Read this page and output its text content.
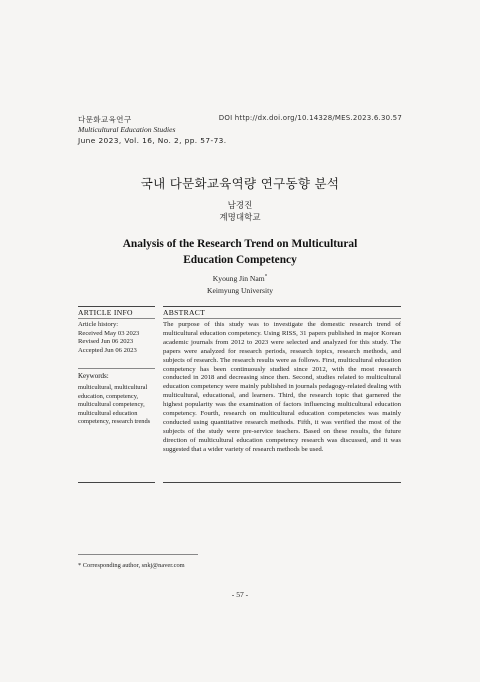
다문화교육연구
Multicultural Education Studies
June 2023, Vol. 16, No. 2, pp. 57-73.
DOI http://dx.doi.org/10.14328/MES.2023.6.30.57
국내 다문화교육역량 연구동향 분석
남경진
계명대학교
Analysis of the Research Trend on Multicultural
Education Competency
Kyoung Jin Nam*
Keimyung University
ARTICLE INFO	ABSTRACT
Article history:
Received May 03 2023
Revised Jun 06 2023
Accepted Jun 06 2023
Keywords:
multicultural, multicultural education, competency, multicultural competency, multicultural education competency, research trends
The purpose of this study was to investigate the domestic research trend of multicultural education competency. Using RISS, 31 papers published in major Korean academic journals from 2012 to 2023 were selected and analyzed for this study. The papers were analyzed for research periods, research topics, research methods, and subjects of research. The research results were as follows. First, multicultural education competency has been continuously studied since 2012, with the most research conducted in 2018 and decreasing since then. Second, studies related to multicultural education competency were mainly published in journals pedagogy-related dealing with multicultural, educational, and learners. Third, the research topic that garnered the highest popularity was the examination of factors influencing multicultural education competency. Fourth, research on multicultural education competencies was mainly conducted using quantitative research methods. Fifth, it was verified the most of the subjects of the study were pre-service teachers. Based on these results, the future direction of multicultural education competency research was discussed, and it was suggested that a wider variety of research methods be used.
* Corresponding author, snkj@naver.com
- 57 -
